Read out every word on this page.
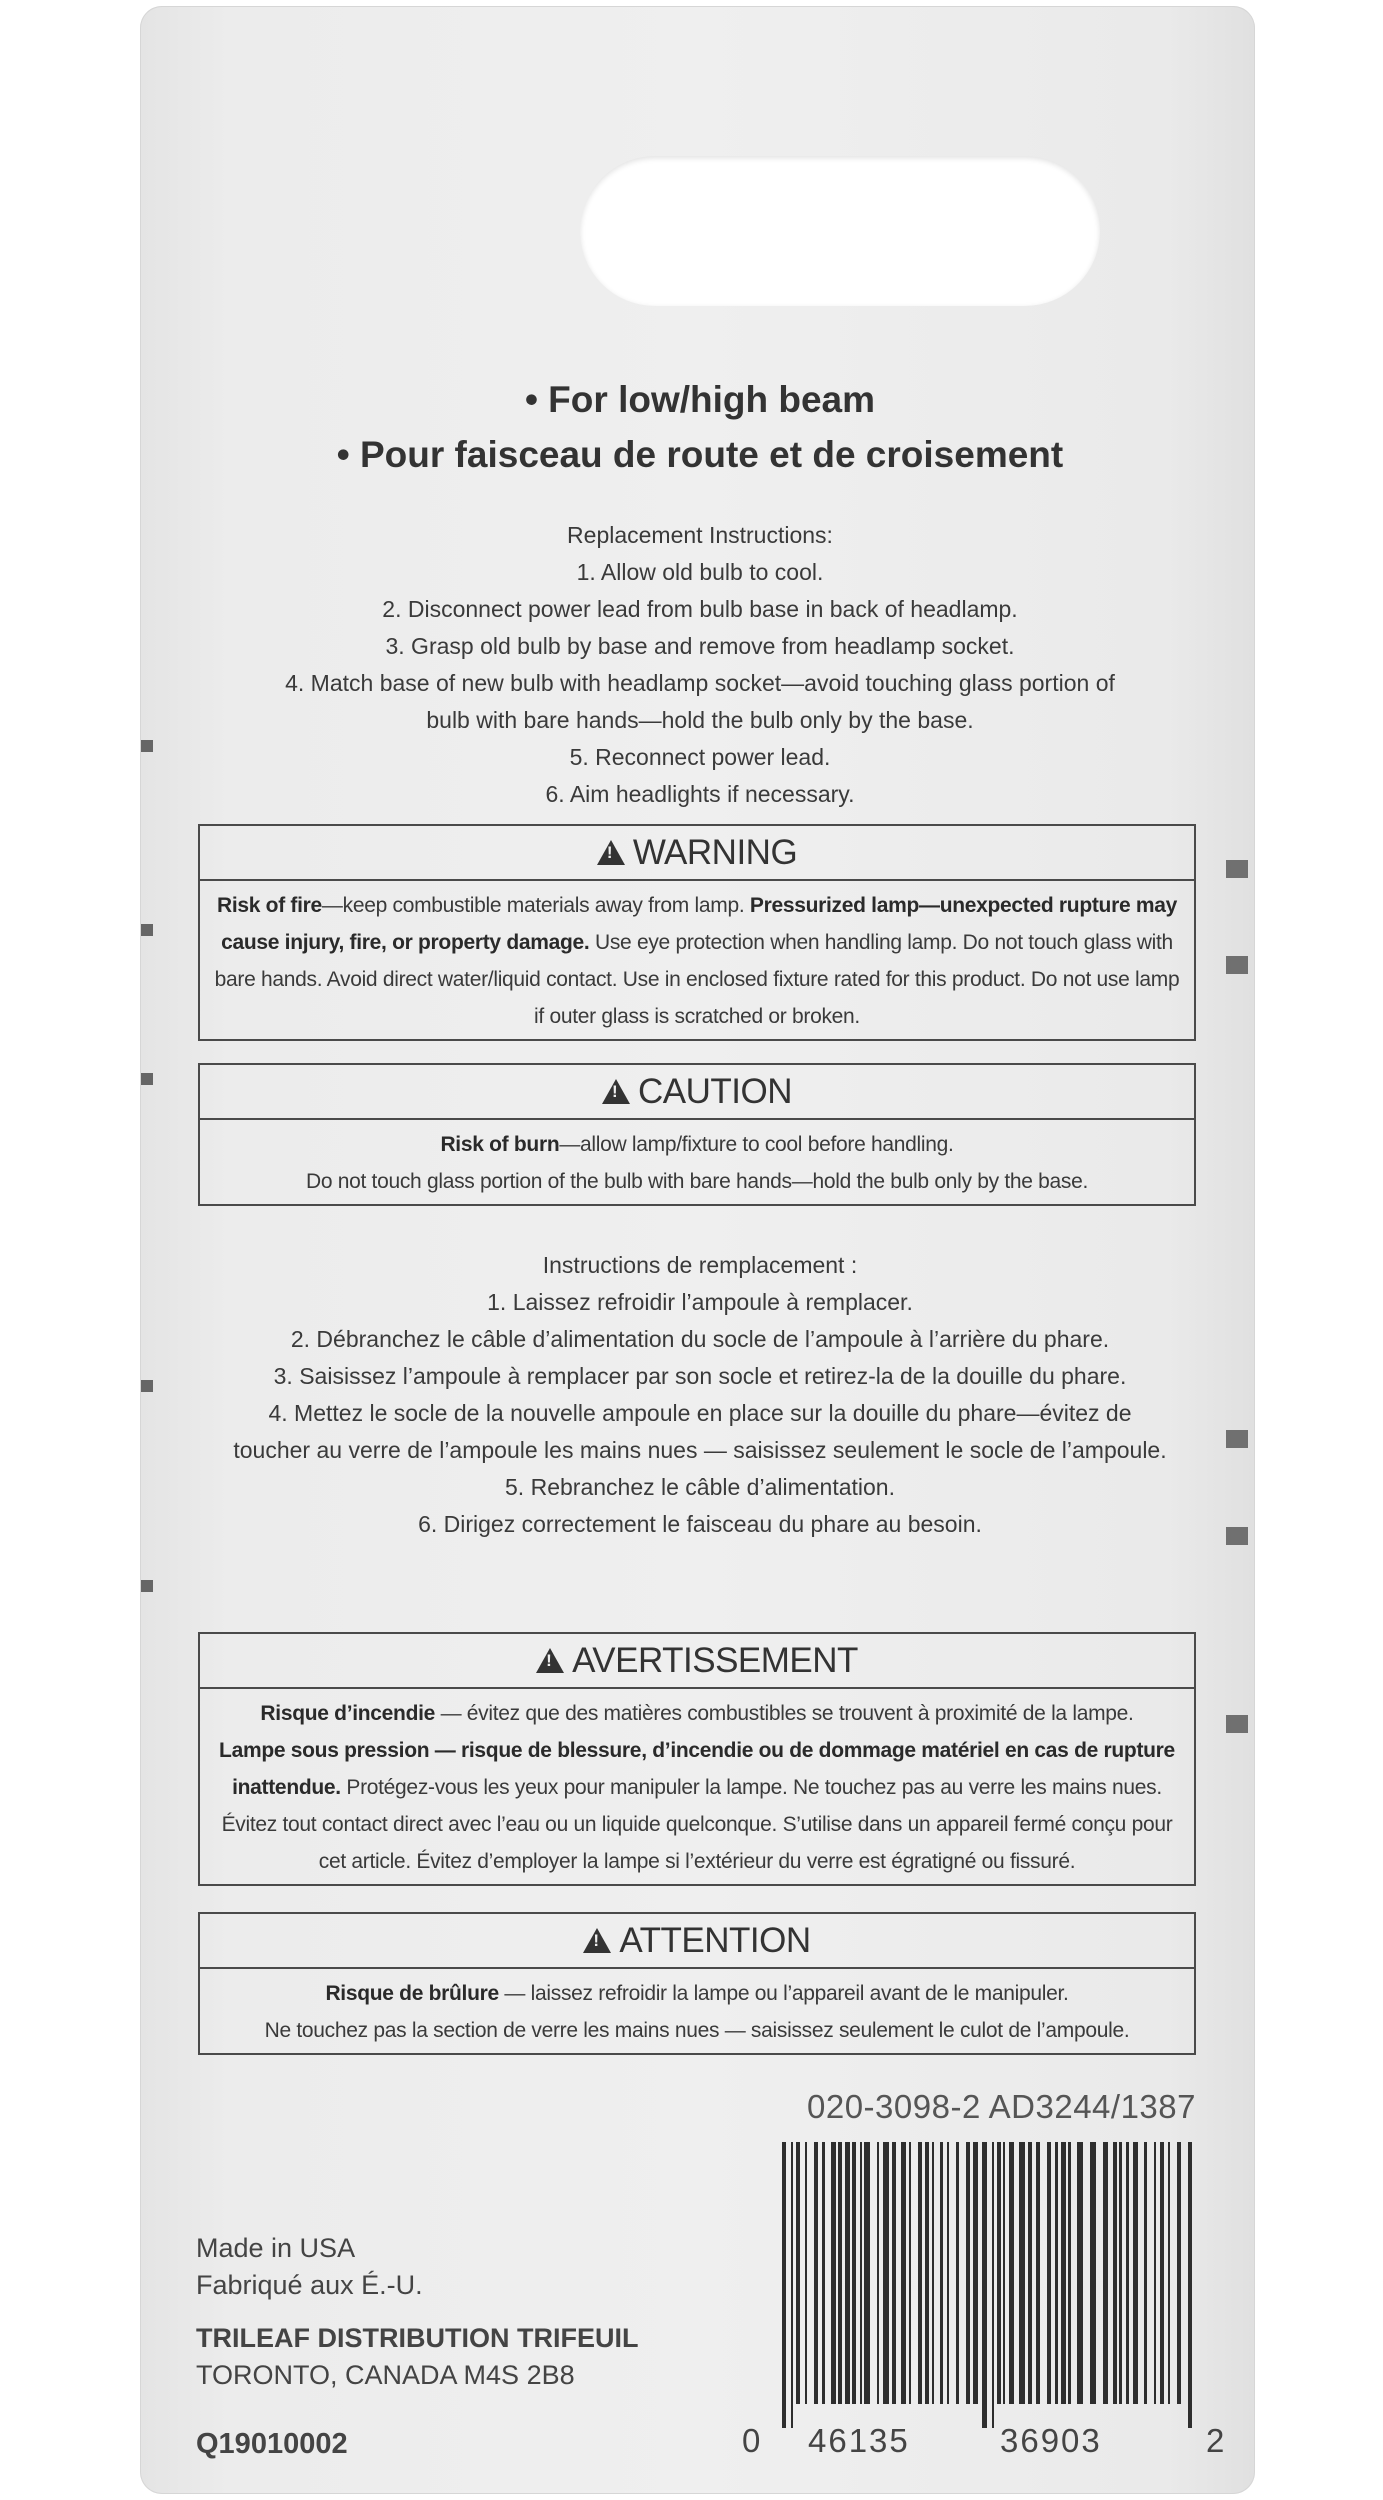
• For low/high beam
• Pour faisceau de route et de croisement

Replacement Instructions:

1. Allow old bulb to cool.

2. Disconnect power lead from bulb base in back of headlamp.

3. Grasp old bulb by base and remove from headlamp socket.

4. Match base of new bulb with headlamp socket—avoid touching glass portion of

bulb with bare hands—hold the bulb only by the base.

5. Reconnect power lead.

6. Aim headlights if necessary.

!
WARNING
Risk of fire—keep combustible materials away from lamp. Pressurized lamp—unexpected rupture may cause injury, fire, or property damage. Use eye protection when handling lamp. Do not touch glass with bare hands. Avoid direct water/liquid contact. Use in enclosed fixture rated for this product. Do not use lamp if outer glass is scratched or broken.
!
CAUTION
Risk of burn—allow lamp/fixture to cool before handling.
Do not touch glass portion of the bulb with bare hands—hold the bulb only by the base.

Instructions de remplacement :

1. Laissez refroidir l’ampoule à remplacer.

2. Débranchez le câble d’alimentation du socle de l’ampoule à l’arrière du phare.

3. Saisissez l’ampoule à remplacer par son socle et retirez-la de la douille du phare.

4. Mettez le socle de la nouvelle ampoule en place sur la douille du phare—évitez de

toucher au verre de l’ampoule les mains nues — saisissez seulement le socle de l’ampoule.

5. Rebranchez le câble d’alimentation.

6. Dirigez correctement le faisceau du phare au besoin.

!
AVERTISSEMENT
Risque d’incendie — évitez que des matières combustibles se trouvent à proximité de la lampe.
Lampe sous pression — risque de blessure, d’incendie ou de dommage matériel en cas de rupture inattendue. Protégez-vous les yeux pour manipuler la lampe. Ne touchez pas au verre les mains nues. Évitez tout contact direct avec l’eau ou un liquide quelconque. S’utilise dans un appareil fermé conçu pour cet article. Évitez d’employer la lampe si l’extérieur du verre est égratigné ou fissuré.
!
ATTENTION
Risque de brûlure — laissez refroidir la lampe ou l’appareil avant de le manipuler.
Ne touchez pas la section de verre les mains nues — saisissez seulement le culot de l’ampoule.
020-3098-2 AD3244/1387
0 46135	36903	2
Made in USA
Fabriqué aux É.-U.
TRILEAF DISTRIBUTION TRIFEUIL
TORONTO, CANADA M4S 2B8
Q19010002
